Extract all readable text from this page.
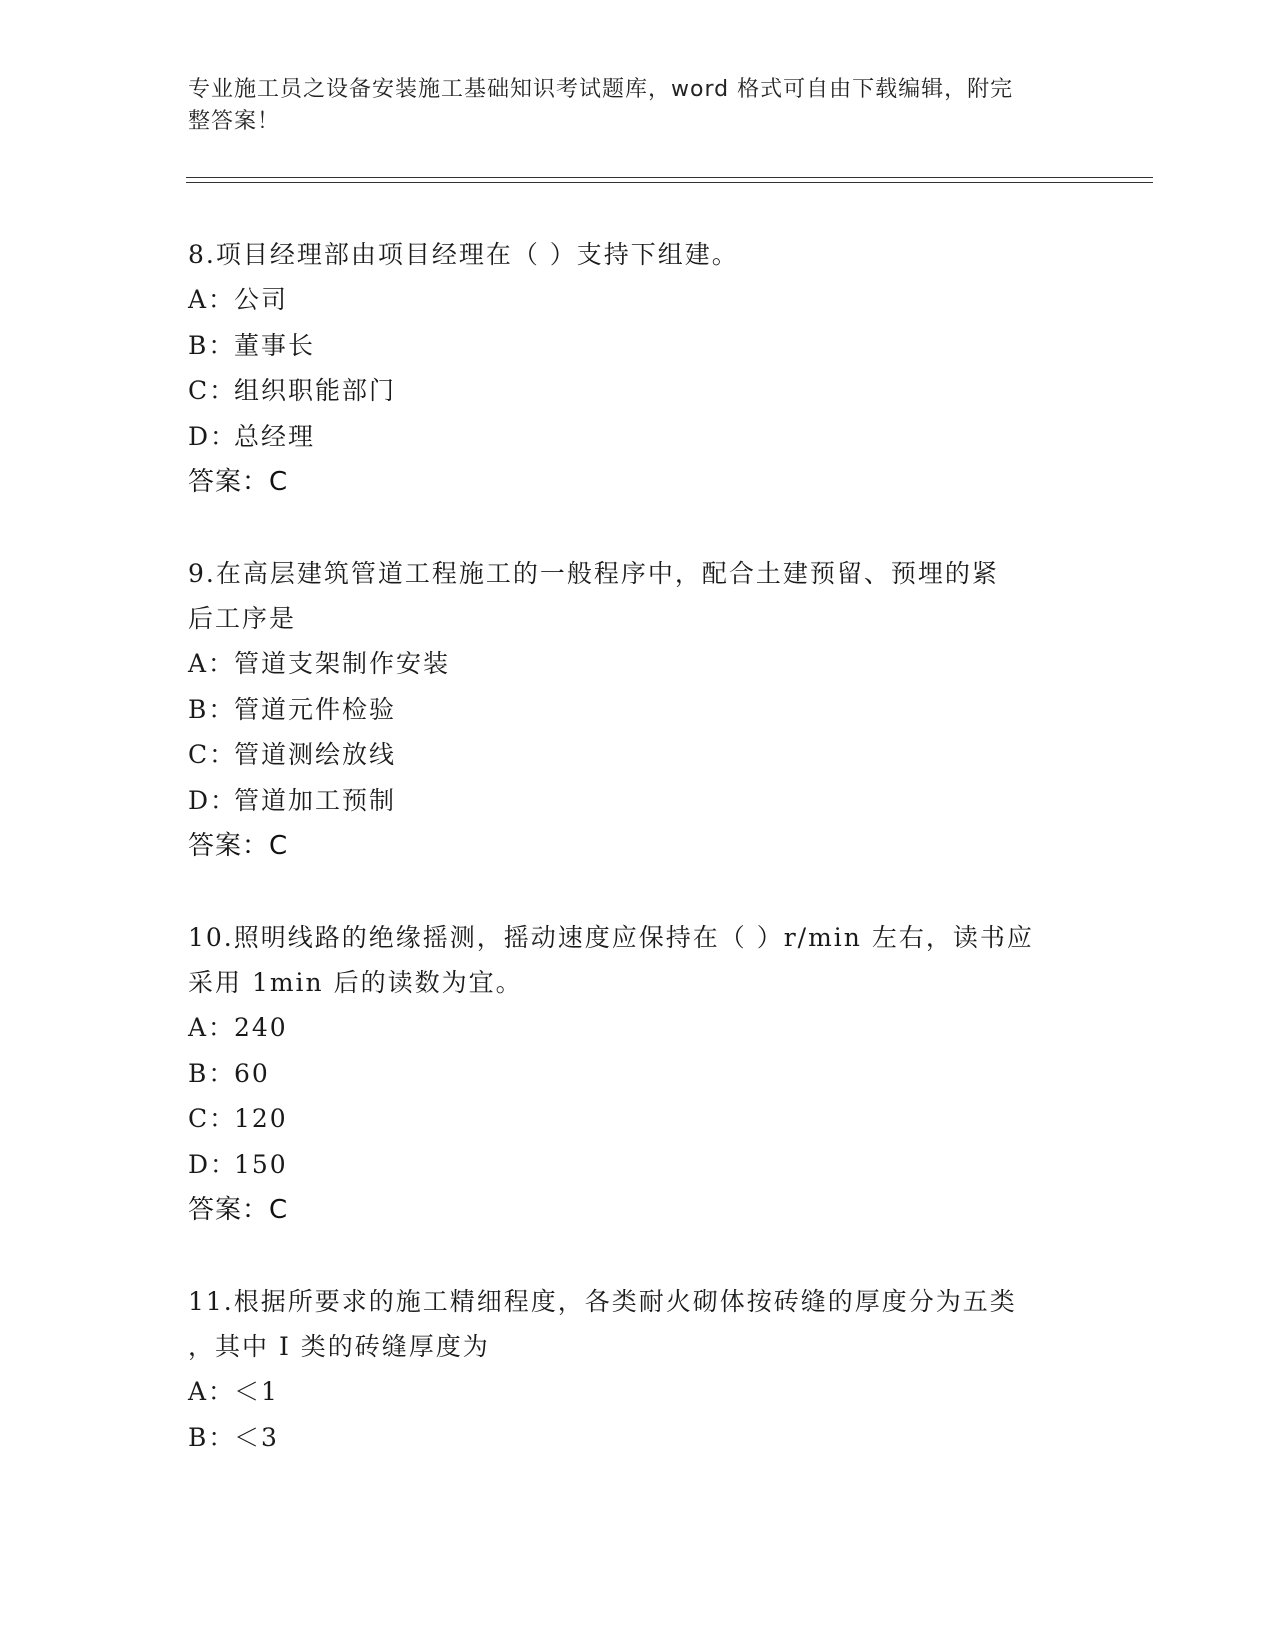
专业施工员之设备安装施工基础知识考试题库，word 格式可自由下载编辑，附完
整答案！
8.项目经理部由项目经理在（ ）支持下组建。
A：公司
B：董事长
C：组织职能部门
D：总经理
答案：C
9.在高层建筑管道工程施工的一般程序中，配合土建预留、预埋的紧
后工序是
A：管道支架制作安装
B：管道元件检验
C：管道测绘放线
D：管道加工预制
答案：C
10.照明线路的绝缘摇测，摇动速度应保持在（ ）r/min 左右，读书应
采用 1min 后的读数为宜。
A：240
B：60
C：120
D：150
答案：C
11.根据所要求的施工精细程度，各类耐火砌体按砖缝的厚度分为五类
，其中 I 类的砖缝厚度为
A：＜1
B：＜3
